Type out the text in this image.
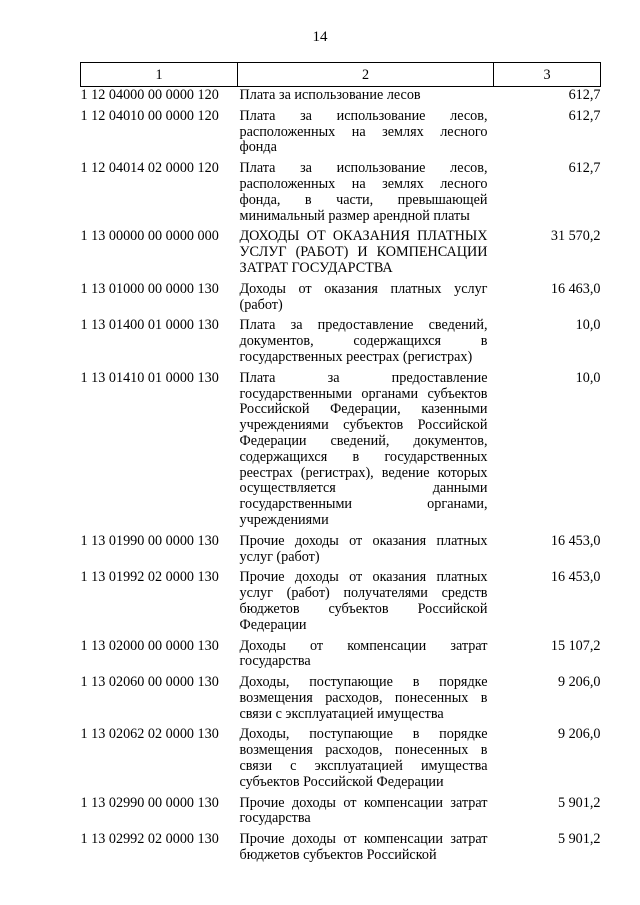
14
1	2	3
1 12 04000 00 0000 120	Плата за использование лесов	612,7
1 12 04010 00 0000 120	Плата за использование лесов, расположенных на землях лесного фонда	612,7
1 12 04014 02 0000 120	Плата за использование лесов, расположенных на землях лесного фонда, в части, превышающей минимальный размер арендной платы	612,7
1 13 00000 00 0000 000	ДОХОДЫ ОТ ОКАЗАНИЯ ПЛАТНЫХ УСЛУГ (РАБОТ) И КОМПЕНСАЦИИ ЗАТРАТ ГОСУДАРСТВА	31 570,2
1 13 01000 00 0000 130	Доходы от оказания платных услуг (работ)	16 463,0
1 13 01400 01 0000 130	Плата за предоставление сведений, документов, содержащихся в государственных реестрах (регистрах)	10,0
1 13 01410 01 0000 130	Плата за предоставление государственными органами субъектов Российской Федерации, казенными учреждениями субъектов Российской Федерации сведений, документов, содержащихся в государственных реестрах (регистрах), ведение которых осуществляется данными государственными органами, учреждениями	10,0
1 13 01990 00 0000 130	Прочие доходы от оказания платных услуг (работ)	16 453,0
1 13 01992 02 0000 130	Прочие доходы от оказания платных услуг (работ) получателями средств бюджетов субъектов Российской Федерации	16 453,0
1 13 02000 00 0000 130	Доходы от компенсации затрат государства	15 107,2
1 13 02060 00 0000 130	Доходы, поступающие в порядке возмещения расходов, понесенных в связи с эксплуатацией имущества	9 206,0
1 13 02062 02 0000 130	Доходы, поступающие в порядке возмещения расходов, понесенных в связи с эксплуатацией имущества субъектов Российской Федерации	9 206,0
1 13 02990 00 0000 130	Прочие доходы от компенсации затрат государства	5 901,2
1 13 02992 02 0000 130	Прочие доходы от компенсации затрат бюджетов субъектов Российской	5 901,2
